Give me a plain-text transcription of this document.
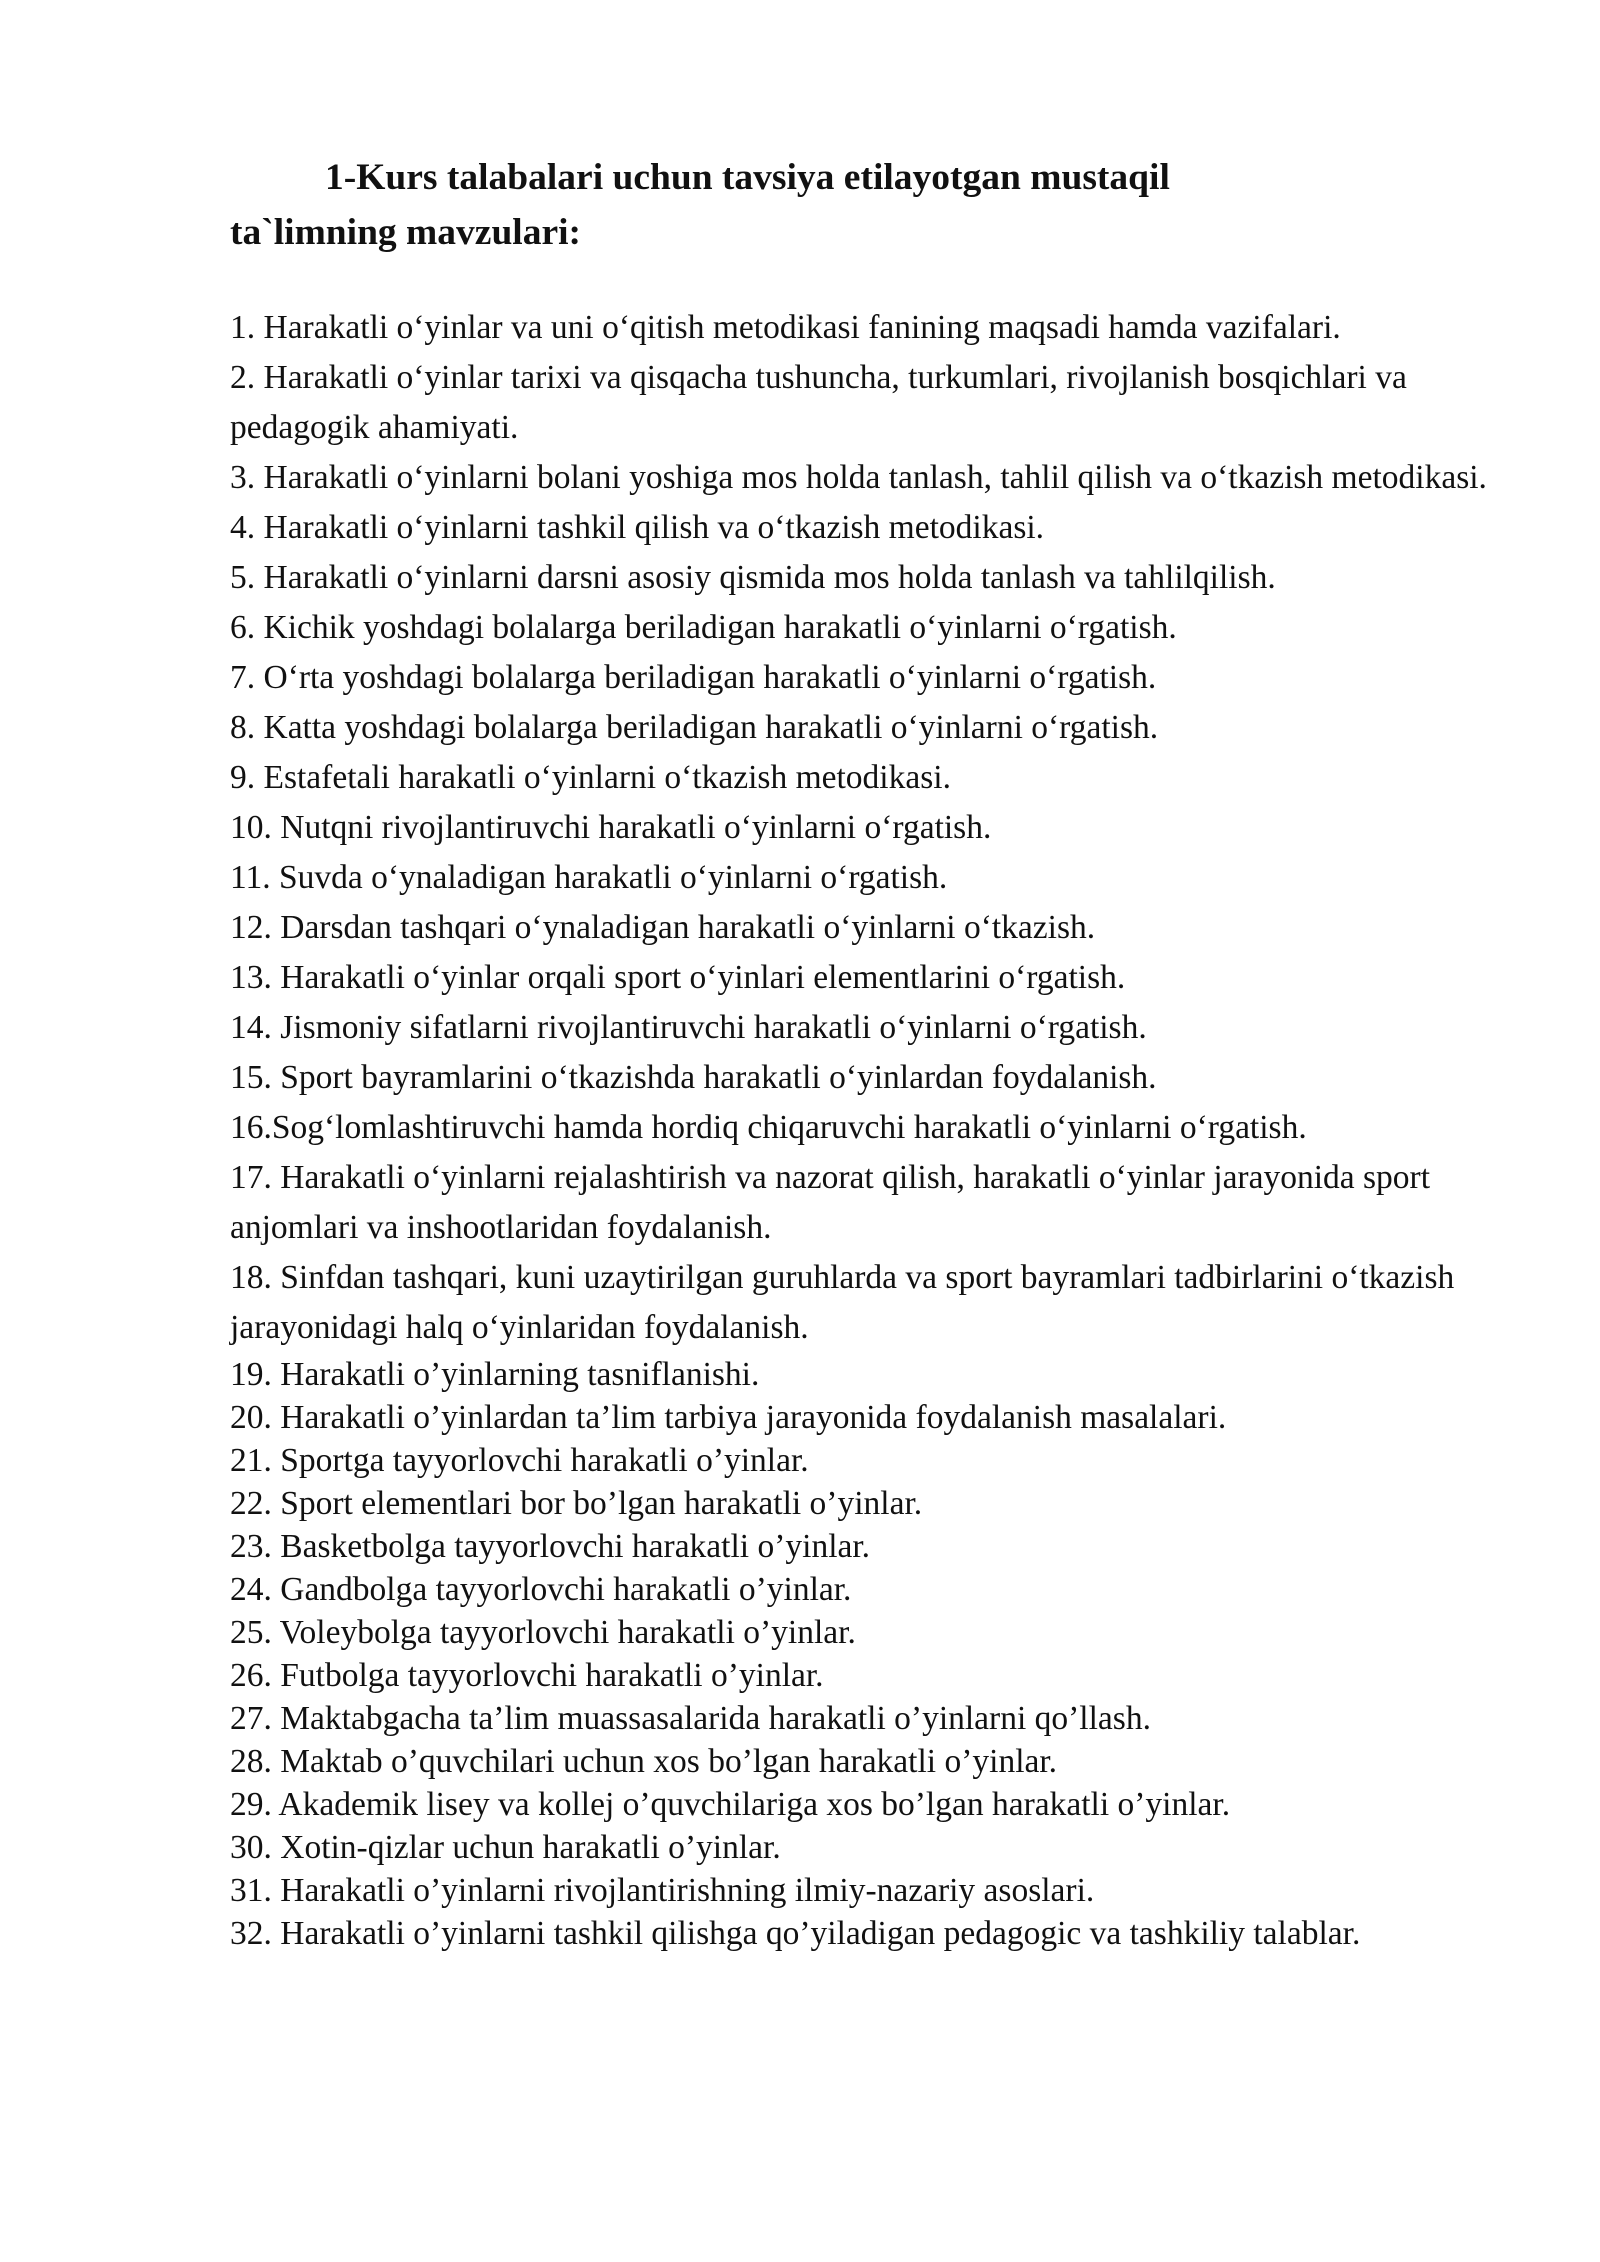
1-Kurs talabalari uchun tavsiya etilayotgan mustaqil ta`limning mavzulari:
1. Harakatli o‘yinlar va uni o‘qitish metodikasi fanining maqsadi hamda vazifalari.
2. Harakatli o‘yinlar tarixi va qisqacha tushuncha, turkumlari, rivojlanish bosqichlari va pedagogik ahamiyati.
3. Harakatli o‘yinlarni bolani yoshiga mos holda tanlash, tahlil qilish va o‘tkazish metodikasi.
4. Harakatli o‘yinlarni tashkil qilish va o‘tkazish metodikasi.
5. Harakatli o‘yinlarni darsni asosiy qismida mos holda tanlash va tahlilqilish.
6. Kichik yoshdagi bolalarga beriladigan harakatli o‘yinlarni o‘rgatish.
7. O‘rta yoshdagi bolalarga beriladigan harakatli o‘yinlarni o‘rgatish.
8. Katta yoshdagi bolalarga beriladigan harakatli o‘yinlarni o‘rgatish.
9. Estafetali harakatli o‘yinlarni o‘tkazish metodikasi.
10. Nutqni rivojlantiruvchi harakatli o‘yinlarni o‘rgatish.
11. Suvda o‘ynaladigan harakatli o‘yinlarni o‘rgatish.
12. Darsdan tashqari o‘ynaladigan harakatli o‘yinlarni o‘tkazish.
13. Harakatli o‘yinlar orqali sport o‘yinlari elementlarini o‘rgatish.
14. Jismoniy sifatlarni rivojlantiruvchi harakatli o‘yinlarni o‘rgatish.
15. Sport bayramlarini o‘tkazishda harakatli o‘yinlardan foydalanish.
16.Sog‘lomlashtiruvchi hamda hordiq chiqaruvchi harakatli o‘yinlarni o‘rgatish.
17. Harakatli o‘yinlarni rejalashtirish va nazorat qilish, harakatli o‘yinlar jarayonida sport anjomlari va inshootlaridan foydalanish.
18. Sinfdan tashqari, kuni uzaytirilgan guruhlarda va sport bayramlari tadbirlarini o‘tkazish jarayonidagi halq o‘yinlaridan foydalanish.
19. Harakatli o’yinlarning tasniflanishi.
20. Harakatli o’yinlardan ta’lim tarbiya jarayonida foydalanish masalalari.
21. Sportga tayyorlovchi harakatli o’yinlar.
22. Sport elementlari bor bo’lgan harakatli o’yinlar.
23. Basketbolga tayyorlovchi harakatli o’yinlar.
24. Gandbolga tayyorlovchi harakatli o’yinlar.
25. Voleybolga tayyorlovchi harakatli o’yinlar.
26. Futbolga tayyorlovchi harakatli o’yinlar.
27. Maktabgacha ta’lim muassasalarida harakatli o’yinlarni qo’llash.
28. Maktab o’quvchilari uchun xos bo’lgan harakatli o’yinlar.
29. Akademik lisey va kollej o’quvchilariga xos bo’lgan harakatli o’yinlar.
30. Xotin-qizlar uchun harakatli o’yinlar.
31. Harakatli o’yinlarni rivojlantirishning ilmiy-nazariy asoslari.
32. Harakatli o’yinlarni tashkil qilishga qo’yiladigan pedagogic va tashkiliy talablar.
